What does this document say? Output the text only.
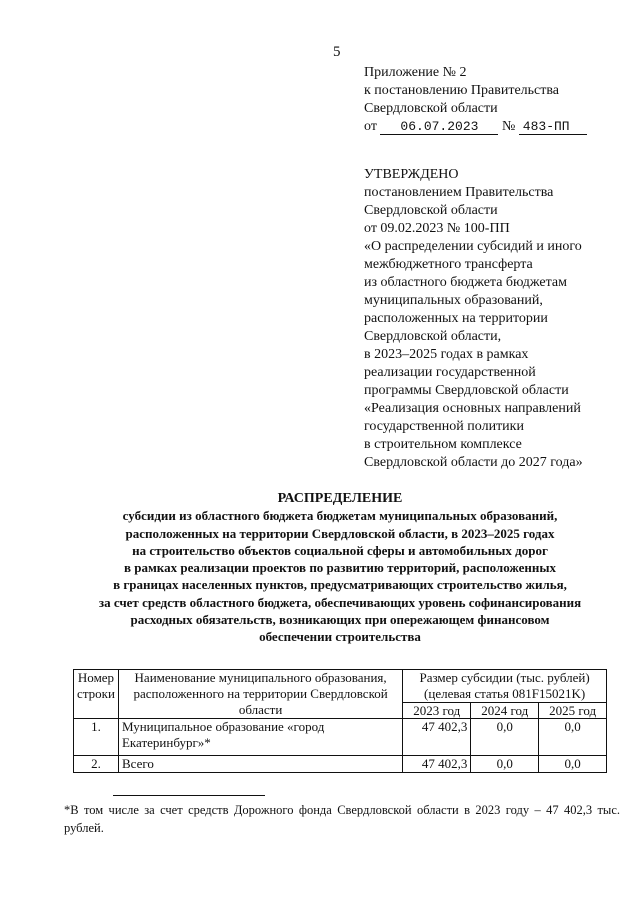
5
Приложение № 2
к постановлению Правительства
Свердловской области
от 06.07.2023 № 483-ПП
УТВЕРЖДЕНО
постановлением Правительства
Свердловской области
от 09.02.2023 № 100-ПП
«О распределении субсидий и иного
межбюджетного трансферта
из областного бюджета бюджетам
муниципальных образований,
расположенных на территории
Свердловской области,
в 2023–2025 годах в рамках
реализации государственной
программы Свердловской области
«Реализация основных направлений
государственной политики
в строительном комплексе
Свердловской области до 2027 года»
РАСПРЕДЕЛЕНИЕ
субсидии из областного бюджета бюджетам муниципальных образований,
расположенных на территории Свердловской области, в 2023–2025 годах
на строительство объектов социальной сферы и автомобильных дорог
в рамках реализации проектов по развитию территорий, расположенных
в границах населенных пунктов, предусматривающих строительство жилья,
за счет средств областного бюджета, обеспечивающих уровень софинансирования
расходных обязательств, возникающих при опережающем финансовом
обеспечении строительства
Номер строки	Наименование муниципального образования, расположенного на территории Свердловской области	Размер субсидии (тыс. рублей) (целевая статья 081F15021K)		
		2023 год	2024 год	2025 год
1.	Муниципальное образование «город Екатеринбург»*	47 402,3	0,0	0,0
2.	Всего	47 402,3	0,0	0,0
*В том числе за счет средств Дорожного фонда Свердловской области в 2023 году – 47 402,3 тыс. рублей.
